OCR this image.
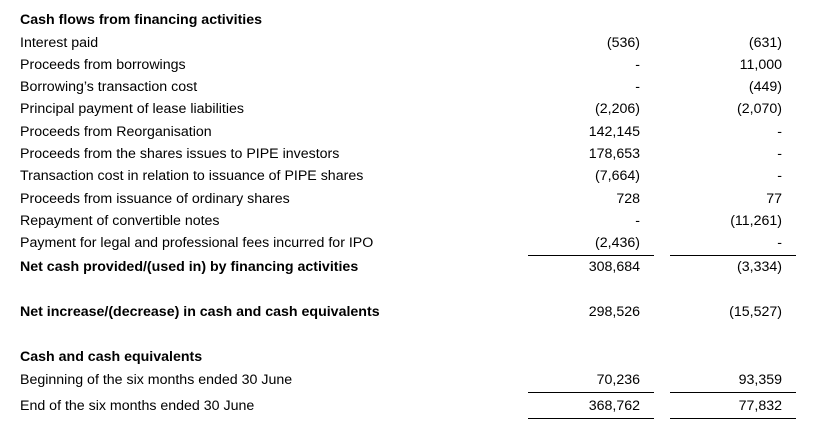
Cash flows from financing activities
Interest paid	(536)	(631)
Proceeds from borrowings	-	11,000
Borrowing’s transaction cost	-	(449)
Principal payment of lease liabilities	(2,206)	(2,070)
Proceeds from Reorganisation	142,145	-
Proceeds from the shares issues to PIPE investors	178,653	-
Transaction cost in relation to issuance of PIPE shares	(7,664)	-
Proceeds from issuance of ordinary shares	728	77
Repayment of convertible notes	-	(11,261)
Payment for legal and professional fees incurred for IPO	(2,436)	-
Net cash provided/(used in) by financing activities	308,684	(3,334)
Net increase/(decrease) in cash and cash equivalents	298,526	(15,527)
Cash and cash equivalents
Beginning of the six months ended 30 June	70,236	93,359
End of the six months ended 30 June	368,762	77,832
